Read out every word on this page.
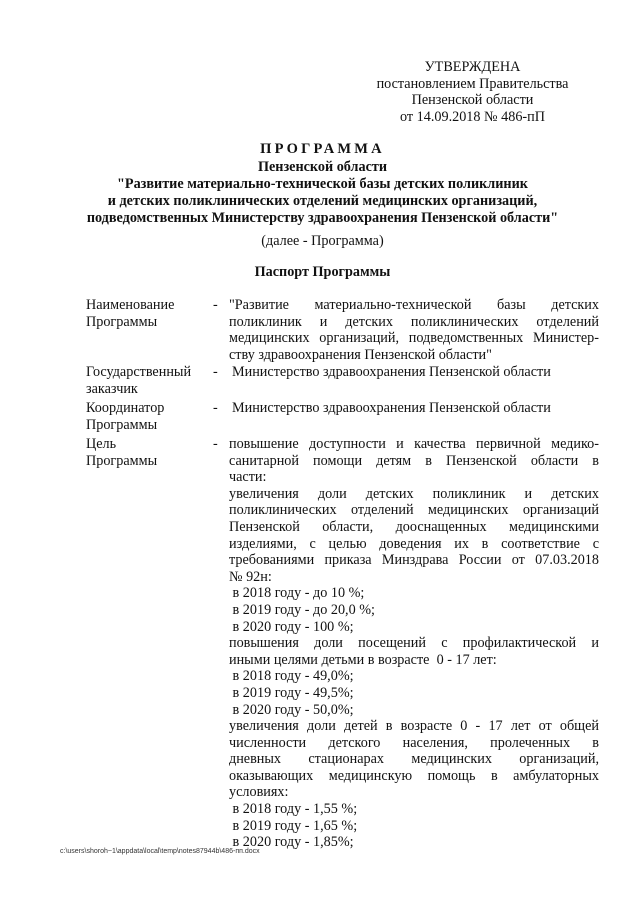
УТВЕРЖДЕНА
постановлением Правительства
Пензенской области
от 14.09.2018 № 486-пП
ПРОГРАММА
Пензенской области
"Развитие материально-технической базы детских поликлиник
и детских поликлинических отделений медицинских организаций,
подведомственных Министерству здравоохранения Пензенской области"
(далее - Программа)
Паспорт Программы
Наименование
Программы
- "Развитие материально-технической базы детских
поликлиник и детских поликлинических отделений
медицинских организаций, подведомственных Министер-
ству здравоохранения Пензенской области"
Государственный
заказчик
- Министерство здравоохранения Пензенской области
Координатор
Программы
- Министерство здравоохранения Пензенской области
Цель
Программы
- повышение доступности и качества первичной медико-
санитарной помощи детям в Пензенской области в
части:
увеличения доли детских поликлиник и детских
поликлинических отделений медицинских организаций
Пензенской области, дооснащенных медицинскими
изделиями, с целью доведения их в соответствие с
требованиями приказа Минздрава России от 07.03.2018
№ 92н:
в 2018 году - до 10 %;
в 2019 году - до 20,0 %;
в 2020 году - 100 %;
повышения доли посещений с профилактической и
иными целями детьми в возрасте  0 - 17 лет:
в 2018 году - 49,0%;
в 2019 году - 49,5%;
в 2020 году - 50,0%;
увеличения доли детей в возрасте 0 - 17 лет от общей
численности детского населения, пролеченных в
дневных стационарах медицинских организаций,
оказывающих медицинскую помощь в амбулаторных
условиях:
в 2018 году - 1,55 %;
в 2019 году - 1,65 %;
в 2020 году - 1,85%;
c:\users\shoroh~1\appdata\local\temp\notes87944b\486-пп.docx
